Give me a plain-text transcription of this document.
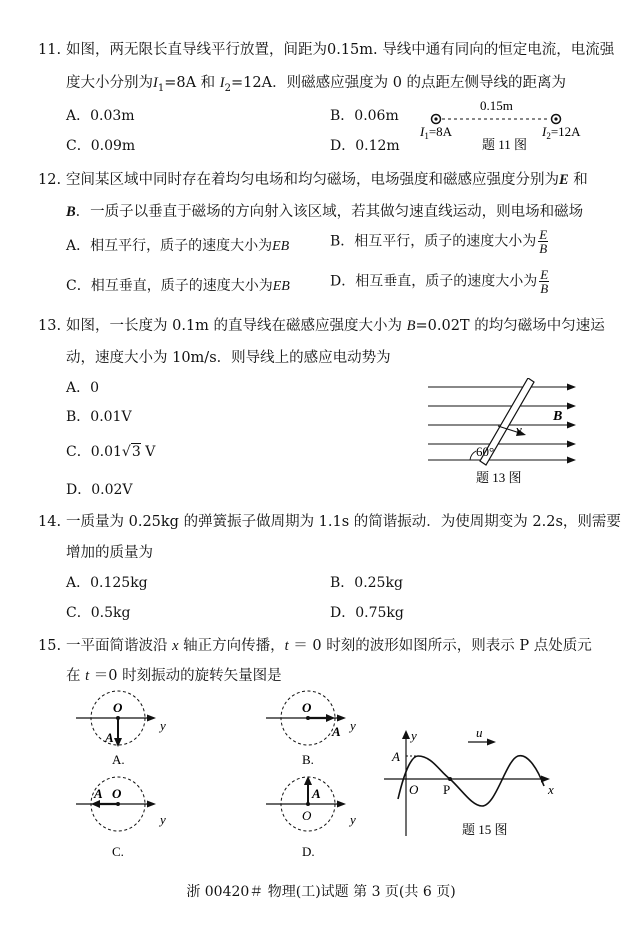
11. 如图，两无限长直导线平行放置，间距为0.15m. 导线中通有同向的恒定电流，电流强
度大小分别为$I_1=8A$ 和 $I_2=12A$．则磁感应强度为 0 的点距左侧导线的距离为
A．0.03m	B．0.06m
C．0.09m	D．0.12m
0.15m
$I_1=8A$	$I_2=12A$
题 11 图
12. 空间某区域中同时存在着均匀电场和均匀磁场，电场强度和磁感应强度分别为E 和
B．一质子以垂直于磁场的方向射入该区域，若其做匀速直线运动，则电场和磁场
A．相互平行，质子的速度大小为EB	B．相互平行，质子的速度大小为 $\frac{E}{B}$
C．相互垂直，质子的速度大小为EB	D．相互垂直，质子的速度大小为 $\frac{E}{B}$
13. 如图，一长度为 0.1m 的直导线在磁感应强度大小为 B=0.02T 的均匀磁场中匀速运
动，速度大小为 10m/s．则导线上的感应电动势为
A．0
B．0.01V
C．0.01√3 V
D．0.02V
B
v
60°
题 13 图
14. 一质量为 0.25kg 的弹簧振子做周期为 1.1s 的简谐振动．为使周期变为 2.2s，则需要
增加的质量为
A．0.125kg	B．0.25kg
C．0.5kg	D．0.75kg
15. 一平面简谐波沿 x 轴正方向传播，t ＝ 0 时刻的波形如图所示，则表示 P 点处质元
在 t ＝0 时刻振动的旋转矢量图是
O
A
y
A.
O
A y
B.
A O
y
C.
A
O	y
D.
y
x
u
A
O P
题 15 图
浙 00420＃ 物理(工)试题 第 3 页(共 6 页)
